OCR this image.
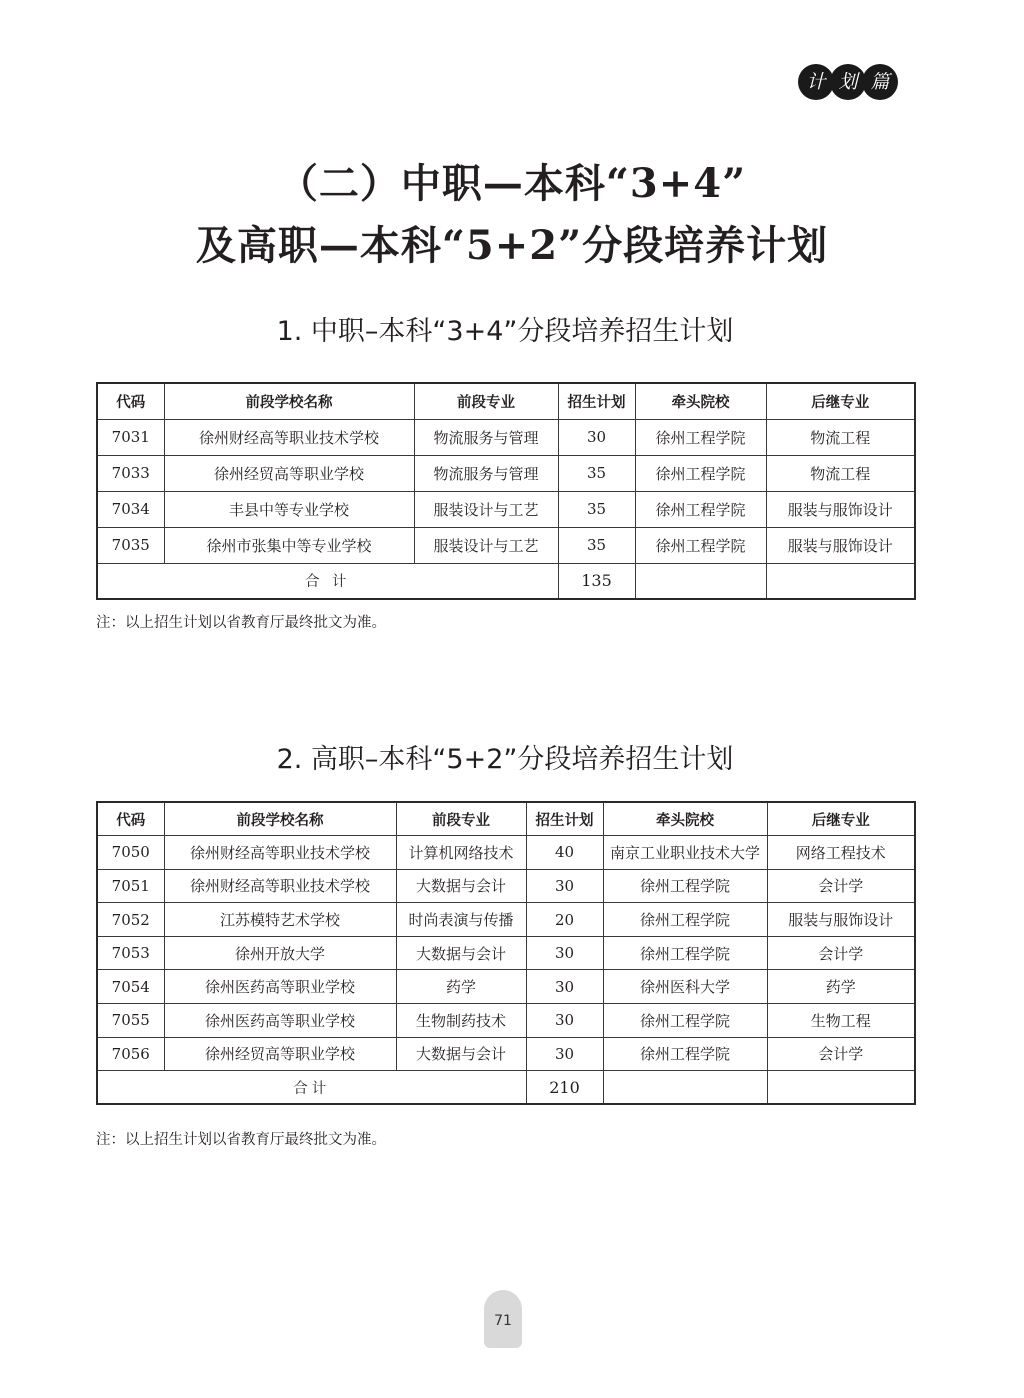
计 划 篇
（二）中职—本科“3+4”
及高职—本科“5+2”分段培养计划
1. 中职–本科“3+4”分段培养招生计划
代码	前段学校名称	前段专业	招生计划	牵头院校	后继专业
7031	徐州财经高等职业技术学校	物流服务与管理	30	徐州工程学院	物流工程
7033	徐州经贸高等职业学校	物流服务与管理	35	徐州工程学院	物流工程
7034	丰县中等专业学校	服装设计与工艺	35	徐州工程学院	服装与服饰设计
7035	徐州市张集中等专业学校	服装设计与工艺	35	徐州工程学院	服装与服饰设计
合 计			135		
注：以上招生计划以省教育厅最终批文为准。
2. 高职–本科“5+2”分段培养招生计划
代码	前段学校名称	前段专业	招生计划	牵头院校	后继专业
7050	徐州财经高等职业技术学校	计算机网络技术	40	南京工业职业技术大学	网络工程技术
7051	徐州财经高等职业技术学校	大数据与会计	30	徐州工程学院	会计学
7052	江苏模特艺术学校	时尚表演与传播	20	徐州工程学院	服装与服饰设计
7053	徐州开放大学	大数据与会计	30	徐州工程学院	会计学
7054	徐州医药高等职业学校	药学	30	徐州医科大学	药学
7055	徐州医药高等职业学校	生物制药技术	30	徐州工程学院	生物工程
7056	徐州经贸高等职业学校	大数据与会计	30	徐州工程学院	会计学
合计			210		
注：以上招生计划以省教育厅最终批文为准。
71
